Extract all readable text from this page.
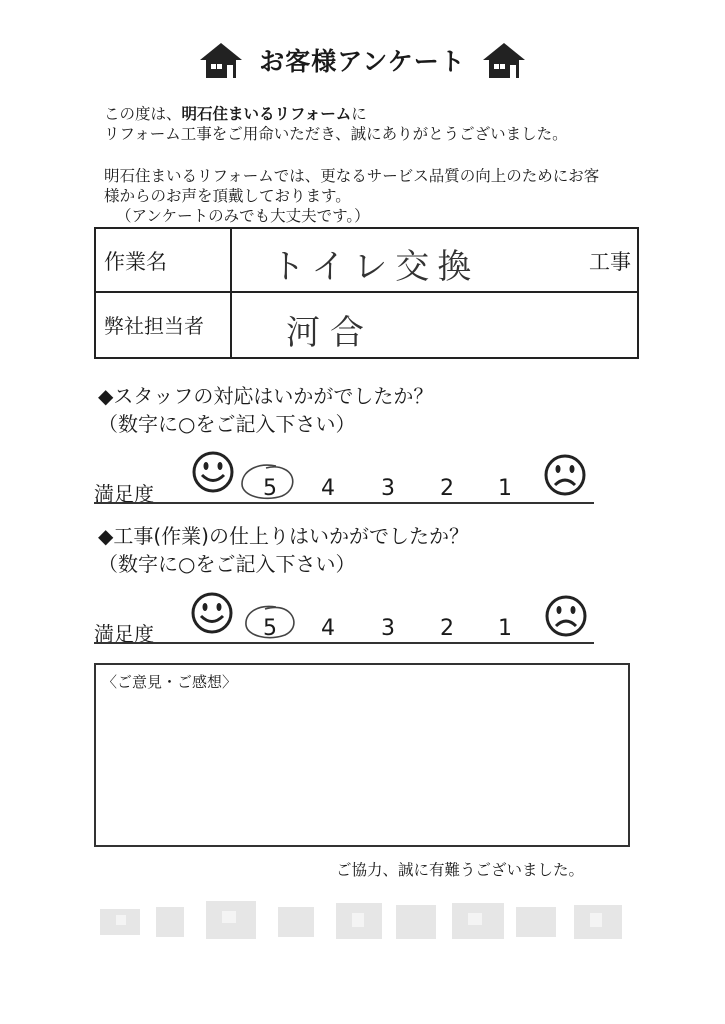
お客様アンケート
この度は、明石住まいるリフォームに
リフォーム工事をご用命いただき、誠にありがとうございました。
明石住まいるリフォームでは、更なるサービス品質の向上のためにお客
様からのお声を頂戴しております。
（アンケートのみでも大丈夫です。）
作業名	トイレ交換	工事
弊社担当者	河合
◆スタッフの対応はいかがでしたか？
（数字に○をご記入下さい）
満足度	5 4 3 2 1
◆工事(作業)の仕上りはいかがでしたか？
（数字に○をご記入下さい）
満足度	5 4 3 2 1
〈ご意見・ご感想〉
ご協力、誠に有難うございました。
